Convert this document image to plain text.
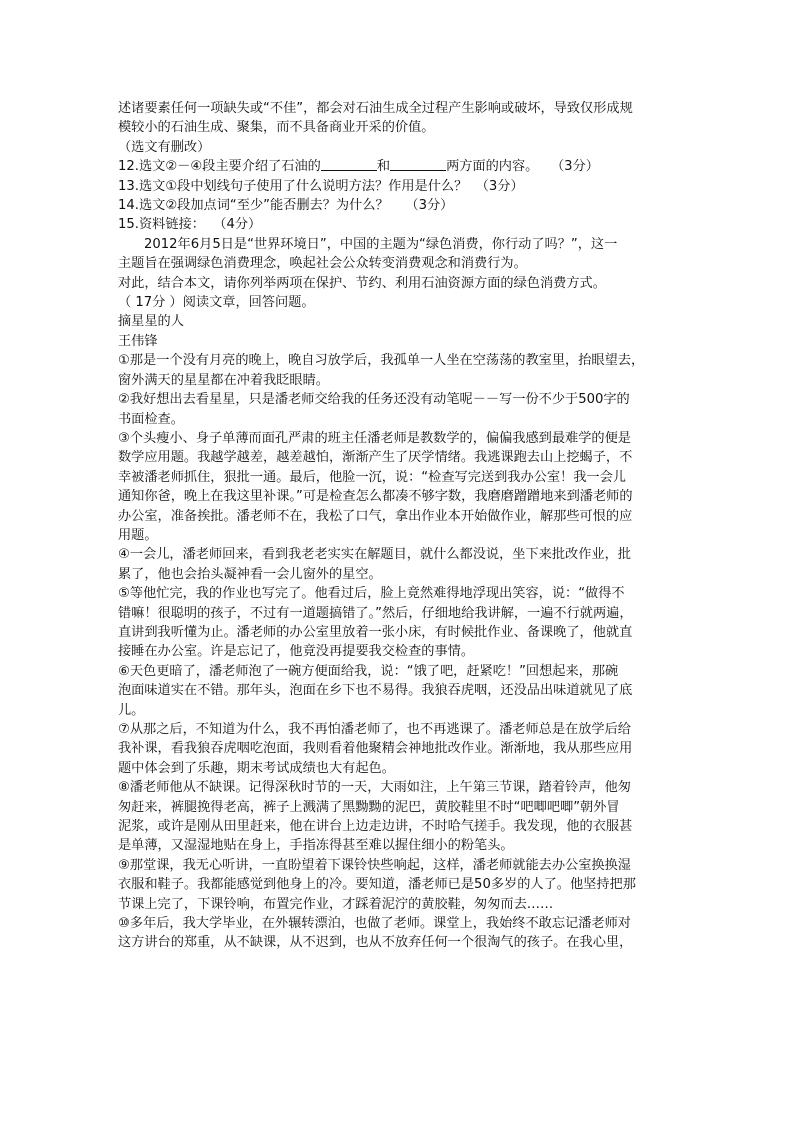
述诸要素任何一项缺失或“不佳”，都会对石油生成全过程产生影响或破坏，导致仅形成规
模较小的石油生成、聚集，而不具备商业开采的价值。
（选文有删改）
12.选文②－④段主要介绍了石油的	和	两方面的内容。   （3分）
13.选文①段中划线句子使用了什么说明方法？作用是什么？  （3分）
14.选文②段加点词“至少”能否删去？为什么？    （3分）
15.资料链接：  （4分）
2012年6月5日是“世界环境日”，中国的主题为“绿色消费，你行动了吗？”，这一
主题旨在强调绿色消费理念，唤起社会公众转变消费观念和消费行为。
对此，结合本文，请你列举两项在保护、节约、利用石油资源方面的绿色消费方式。
（ 17分 ）阅读文章，回答问题。
摘星星的人
王伟锋
①那是一个没有月亮的晚上，晚自习放学后，我孤单一人坐在空荡荡的教室里，抬眼望去，
窗外满天的星星都在冲着我眨眼睛。
②我好想出去看星星，只是潘老师交给我的任务还没有动笔呢－－写一份不少于500字的
书面检查。
③个头瘦小、身子单薄而面孔严肃的班主任潘老师是教数学的，偏偏我感到最难学的便是
数学应用题。我越学越差，越差越怕，渐渐产生了厌学情绪。我逃课跑去山上挖蝎子，不
幸被潘老师抓住，狠批一通。最后，他脸一沉，说：“检查写完送到我办公室！我一会儿
通知你爸，晚上在我这里补课。”可是检查怎么都凑不够字数，我磨磨蹭蹭地来到潘老师的
办公室，准备挨批。潘老师不在，我松了口气，拿出作业本开始做作业，解那些可恨的应
用题。
④一会儿，潘老师回来，看到我老老实实在解题目，就什么都没说，坐下来批改作业，批
累了，他也会抬头凝神看一会儿窗外的星空。
⑤等他忙完，我的作业也写完了。他看过后，脸上竟然难得地浮现出笑容，说：“做得不
错嘛！很聪明的孩子，不过有一道题搞错了。”然后，仔细地给我讲解，一遍不行就两遍，
直讲到我听懂为止。潘老师的办公室里放着一张小床，有时候批作业、备课晚了，他就直
接睡在办公室。许是忘记了，他竟没再提要我交检查的事情。
⑥天色更暗了，潘老师泡了一碗方便面给我，说：“饿了吧，赶紧吃！”回想起来，那碗
泡面味道实在不错。那年头，泡面在乡下也不易得。我狼吞虎咽，还没品出味道就见了底
儿。
⑦从那之后，不知道为什么，我不再怕潘老师了，也不再逃课了。潘老师总是在放学后给
我补课，看我狼吞虎咽吃泡面，我则看着他聚精会神地批改作业。渐渐地，我从那些应用
题中体会到了乐趣，期末考试成绩也大有起色。
⑧潘老师他从不缺课。记得深秋时节的一天，大雨如注，上午第三节课，踏着铃声，他匆
匆赶来，裤腿挽得老高，裤子上溅满了黑黝黝的泥巴，黄胶鞋里不时“吧唧吧唧”朝外冒
泥浆，或许是刚从田里赶来，他在讲台上边走边讲，不时哈气搓手。我发现，他的衣服甚
是单薄，又湿湿地贴在身上，手指冻得甚至难以握住细小的粉笔头。
⑨那堂课，我无心听讲，一直盼望着下课铃快些响起，这样，潘老师就能去办公室换换湿
衣服和鞋子。我都能感觉到他身上的冷。要知道，潘老师已是50多岁的人了。他坚持把那
节课上完了，下课铃响，布置完作业，才踩着泥泞的黄胶鞋，匆匆而去……
⑩多年后，我大学毕业，在外辗转漂泊，也做了老师。课堂上，我始终不敢忘记潘老师对
这方讲台的郑重，从不缺课，从不迟到，也从不放弃任何一个很淘气的孩子。在我心里，
